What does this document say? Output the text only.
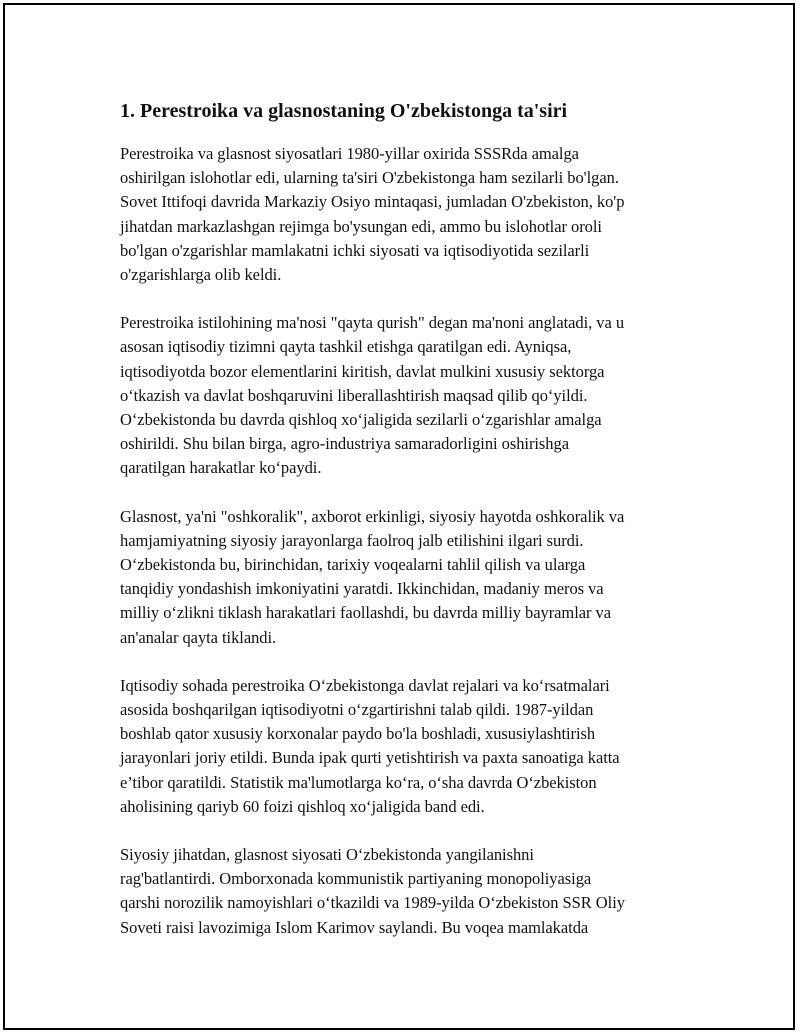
1. Perestroika va glasnostaning O'zbekistonga ta'siri

Perestroika va glasnost siyosatlari 1980-yillar oxirida SSSRda amalga
oshirilgan islohotlar edi, ularning ta'siri O'zbekistonga ham sezilarli bo'lgan.
Sovet Ittifoqi davrida Markaziy Osiyo mintaqasi, jumladan O'zbekiston, ko'p
jihatdan markazlashgan rejimga bo'ysungan edi, ammo bu islohotlar oroli
bo'lgan o'zgarishlar mamlakatni ichki siyosati va iqtisodiyotida sezilarli
o'zgarishlarga olib keldi.

Perestroika istilohining ma'nosi "qayta qurish" degan ma'noni anglatadi, va u
asosan iqtisodiy tizimni qayta tashkil etishga qaratilgan edi. Ayniqsa,
iqtisodiyotda bozor elementlarini kiritish, davlat mulkini xususiy sektorga
o‘tkazish va davlat boshqaruvini liberallashtirish maqsad qilib qo‘yildi.
O‘zbekistonda bu davrda qishloq xo‘jaligida sezilarli o‘zgarishlar amalga
oshirildi. Shu bilan birga, agro-industriya samaradorligini oshirishga
qaratilgan harakatlar ko‘paydi.

Glasnost, ya'ni "oshkoralik", axborot erkinligi, siyosiy hayotda oshkoralik va
hamjamiyatning siyosiy jarayonlarga faolroq jalb etilishini ilgari surdi.
O‘zbekistonda bu, birinchidan, tarixiy voqealarni tahlil qilish va ularga
tanqidiy yondashish imkoniyatini yaratdi. Ikkinchidan, madaniy meros va
milliy o‘zlikni tiklash harakatlari faollashdi, bu davrda milliy bayramlar va
an'analar qayta tiklandi.

Iqtisodiy sohada perestroika O‘zbekistonga davlat rejalari va ko‘rsatmalari
asosida boshqarilgan iqtisodiyotni o‘zgartirishni talab qildi. 1987-yildan
boshlab qator xususiy korxonalar paydo bo'la boshladi, xususiylashtirish
jarayonlari joriy etildi. Bunda ipak qurti yetishtirish va paxta sanoatiga katta
e’tibor qaratildi. Statistik ma'lumotlarga ko‘ra, o‘sha davrda O‘zbekiston
aholisining qariyb 60 foizi qishloq xo‘jaligida band edi.

Siyosiy jihatdan, glasnost siyosati O‘zbekistonda yangilanishni
rag'batlantirdi. Omborxonada kommunistik partiyaning monopoliyasiga
qarshi norozilik namoyishlari o‘tkazildi va 1989-yilda O‘zbekiston SSR Oliy
Soveti raisi lavozimiga Islom Karimov saylandi. Bu voqea mamlakatda
